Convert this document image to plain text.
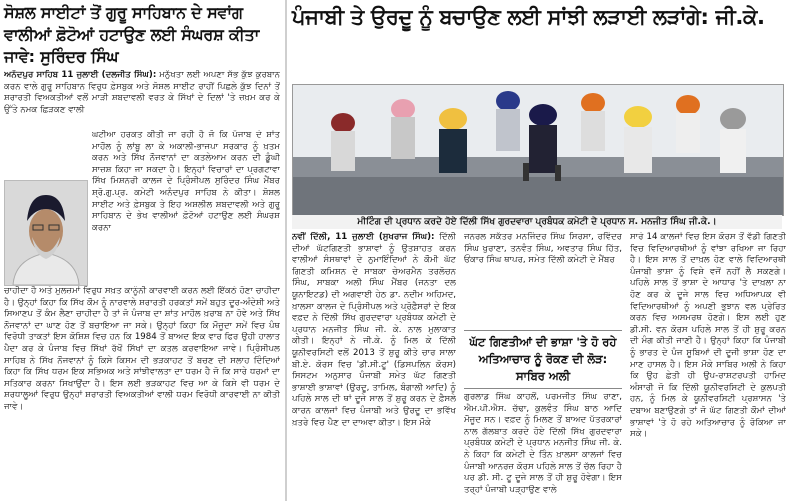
ਸੋਸ਼ਲ ਸਾਈਟਾਂ ਤੋਂ ਗੁਰੂ ਸਾਹਿਬਾਨ ਦੇ ਸਵਾਂਗ ਵਾਲੀਆਂ ਫ਼ੋਟੋਆਂ ਹਟਾਉਣ ਲਈ ਸੰਘਰਸ਼ ਕੀਤਾ ਜਾਵੇ: ਸੁਰਿੰਦਰ ਸਿੰਘ

ਅਨੰਦਪੁਰ ਸਾਹਿਬ 11 ਜੁਲਾਈ (ਦਲਜੀਤ ਸਿੰਘ): ਮਨੁੱਖਤਾ ਲਈ ਅਪਣਾ ਸੱਭ ਕੁੱਝ ਕੁਰਬਾਨ ਕਰਨ ਵਾਲੇ ਗੁਰੂ ਸਾਹਿਬਾਨ ਵਿਰੁਧ ਫ਼ੇਸਬੁਕ ਅਤੇ ਸੋਸ਼ਲ ਸਾਈਟ ਰਾਹੀਂ ਪਿਛਲੇ ਕੁੱਝ ਦਿਨਾਂ ਤੋਂ ਸ਼ਰਾਰਤੀ ਵਿਅਕਤੀਆਂ ਵਲੋਂ ਮਾੜੀ ਸ਼ਬਦਾਵਲੀ ਵਰਤ ਕੇ ਸਿੱਖਾਂ ਦੇ ਦਿਲਾਂ 'ਤੇ ਜ਼ਖ਼ਮ ਕਰ ਕੇ ਉੱਤੇ ਨਮਕ ਛਿੜਕਣ ਵਾਲੀ

ਘਟੀਆ ਹਰਕਤ ਕੀਤੀ ਜਾ ਰਹੀ ਹੈ ਜੋ ਕਿ ਪੰਜਾਬ ਦੇ ਸ਼ਾਂਤ ਮਾਹੌਲ ਨੂੰ ਲਾਂਬੂ ਲਾ ਕੇ ਅਕਾਲੀ-ਭਾਜਪਾ ਸਰਕਾਰ ਨੂੰ ਖ਼ਤਮ ਕਰਨ ਅਤੇ ਸਿੱਖ ਨੌਜਵਾਨਾਂ ਦਾ ਕਤਲੇਆਮ ਕਰਨ ਦੀ ਡੂੰਘੀ ਸਾਜ਼ਸ਼ ਕਿਹਾ ਜਾ ਸਕਦਾ ਹੈ। ਇਨ੍ਹਾਂ ਵਿਚਾਰਾਂ ਦਾ ਪ੍ਰਗਟਾਵਾ ਸਿੱਖ ਮਿਸ਼ਨਰੀ ਕਾਲਜ ਦੇ ਪ੍ਰਿੰਸੀਪਲ ਸੁਰਿੰਦਰ ਸਿੰਘ ਮੈਂਬਰ ਸ਼੍ਰੋ.ਗੁ.ਪ੍ਰ. ਕਮੇਟੀ ਅਨੰਦਪੁਰ ਸਾਹਿਬ ਨੇ ਕੀਤਾ। ਸ਼ੋਸ਼ਲ ਸਾਈਟ ਅਤੇ ਫ਼ੇਸਬੁਕ ਤੇ ਇਹ ਅਸ਼ਲੀਲ ਸ਼ਬਦਾਵਲੀ ਅਤੇ ਗੁਰੂ ਸਾਹਿਬਾਨ ਦੇ ਭੇਖ ਵਾਲੀਆਂ ਫ਼ੋਟੋਆਂ ਹਟਾਉਣ ਲਈ ਸੰਘਰਸ਼ ਕਰਨਾ

ਚਾਹੀਦਾ ਹੈ ਅਤੇ ਮੁਲਜ਼ਮਾਂ ਵਿਰੁਧ ਸਖ਼ਤ ਕਾਨੂੰਨੀ ਕਾਰਵਾਈ ਕਰਨ ਲਈ ਇੱਕਠੇ ਹੋਣਾ ਚਾਹੀਦਾ ਹੈ। ਉਨ੍ਹਾਂ ਕਿਹਾ ਕਿ ਸਿੱਖ ਕੌਮ ਨੂੰ ਨਾਰਵਾਲੇ ਸ਼ਰਾਰਤੀ ਹਰਕਤਾਂ ਸਮੇਂ ਬਹੁਤ ਦੂਰ-ਅੰਦੇਸ਼ੀ ਅਤੇ ਸਿਆਣਪ ਤੋਂ ਕੰਮ ਲੈਣਾ ਚਾਹੀਦਾ ਹੈ ਤਾਂ ਜੋ ਪੰਜਾਬ ਦਾ ਸ਼ਾਂਤ ਮਾਹੌਲ ਖ਼ਰਾਬ ਨਾ ਹੋਵੇ ਅਤੇ ਸਿੱਖ ਨੌਜਵਾਨਾਂ ਦਾ ਘਾਣ ਹੋਣ ਤੋਂ ਬਚਾਇਆ ਜਾ ਸਕੇ। ਉਨ੍ਹਾਂ ਕਿਹਾ ਕਿ ਮੌਜੂਦਾ ਸਮੇਂ ਵਿਚ ਪੰਥ ਵਿਰੋਧੀ ਤਾਕਤਾਂ ਇਸ ਕੋਸ਼ਿਸ਼ ਵਿਚ ਹਨ ਕਿ 1984 ਤੋਂ ਬਾਅਦ ਇਕ ਵਾਰ ਫਿਰ ਉਹੀ ਹਾਲਾਤ ਪੈਦਾ ਕਰ ਕੇ ਪੰਜਾਬ ਵਿਚ ਸਿੱਖਾਂ ਰੱਖੋਂ ਸਿੱਖਾਂ ਦਾ ਕਤਲ ਕਰਵਾਇਆ ਜਾਵੇ। ਪ੍ਰਿੰਸੀਪਲ ਸਾਹਿਬ ਨੇ ਸਿੱਖ ਨੌਜਵਾਨਾਂ ਨੂੰ ਕਿਸੇ ਕਿਸਮ ਦੀ ਭੜਕਾਹਟ ਤੋਂ ਬਚਣ ਦੀ ਸਲਾਹ ਦਿੰਦਿਆਂ ਕਿਹਾ ਕਿ ਸਿੱਖ ਧਰਮ ਇਕ ਸਭਿਅਕ ਅਤੇ ਸਾਂਝੀਵਾਲਤਾ ਦਾ ਧਰਮ ਹੈ ਜੋ ਕਿ ਸਾਰੇ ਧਰਮਾਂ ਦਾ ਸਤਿਕਾਰ ਕਰਨਾ ਸਿਖਾਉਂਦਾ ਹੈ। ਇਸ ਲਈ ਭੜਕਾਹਟ ਵਿਚ ਆ ਕੇ ਕਿਸੇ ਵੀ ਧਰਮ ਦੇ ਸ਼ਰਧਾਲੂਆਂ ਵਿਰੁਧ ਉਨ੍ਹਾਂ ਸ਼ਰਾਰਤੀ ਵਿਅਕਤੀਆਂ ਵਾਲੀ ਧਰਮ ਵਿਰੋਧੀ ਕਾਰਵਾਈ ਨਾ ਕੀਤੀ ਜਾਵੇ।

ਪੰਜਾਬੀ ਤੇ ਉਰਦੂ ਨੂੰ ਬਚਾਉਣ ਲਈ ਸਾਂਝੀ ਲੜਾਈ ਲੜਾਂਗੇ: ਜੀ.ਕੇ.

ਮੀਟਿੰਗ ਦੀ ਪ੍ਰਧਾਨ ਕਰਦੇ ਹੋਏ ਦਿੱਲੀ ਸਿੱਖ ਗੁਰਦਵਾਰਾ ਪ੍ਰਬੰਧਕ ਕਮੇਟੀ ਦੇ ਪ੍ਰਧਾਨ ਸ. ਮਨਜੀਤ ਸਿੰਘ ਜੀ.ਕੇ.।

ਨਵੀਂ ਦਿੱਲੀ, 11 ਜੁਲਾਈ (ਸੁਖਰਾਜ ਸਿੰਘ): ਦਿੱਲੀ ਦੀਆਂ ਘੱਟਗਿਣਤੀ ਭਾਸ਼ਾਵਾਂ ਨੂੰ ਉਤਸ਼ਾਹਤ ਕਰਨ ਵਾਲੀਆਂ ਸੰਸਥਾਵਾਂ ਦੇ ਨੁਮਾਇੰਦਿਆਂ ਨੇ ਕੌਮੀ ਘੱਟ ਗਿਣਤੀ ਕਮਿਸ਼ਨ ਦੇ ਸਾਬਕਾ ਚੇਅਰਮੈਨ ਤਰਲੋਚਨ ਸਿੰਘ, ਸਾਬਕਾ ਅਲੀ ਸਿੰਘ ਮੈਂਬਰ (ਜਨਤਾ ਦਲ ਯੂਨਾਇਟਡ) ਦੀ ਅਗਵਾਈ ਹੇਠ ਡਾ. ਨਦੀਮ ਅਹਿਮਦ, ਖ਼ਾਲਸਾ ਕਾਲਜ ਦੇ ਪ੍ਰਿੰਸੀਪਲ ਅਤੇ ਪ੍ਰੋਫ਼ੈਸਰਾਂ ਦੇ ਇਕ ਵਫ਼ਦ ਨੇ ਦਿੱਲੀ ਸਿੱਖ ਗੁਰਦਵਾਰਾ ਪ੍ਰਬੰਧਕ ਕਮੇਟੀ ਦੇ ਪ੍ਰਧਾਨ ਮਨਜੀਤ ਸਿੰਘ ਜੀ. ਕੇ. ਨਾਲ ਮੁਲਾਕਾਤ ਕੀਤੀ। ਇਨ੍ਹਾਂ ਨੇ ਜੀ.ਕੇ. ਨੂੰ ਮਿਲ ਕੇ ਦਿੱਲੀ ਯੂਨੀਵਰਸਿਟੀ ਵਲੋਂ 2013 ਤੋਂ ਸ਼ੁਰੂ ਕੀਤੇ ਚਾਰ ਸਾਲਾ ਬੀ.ਏ. ਕੋਰਸ ਵਿਚ 'ਡੀ.ਸੀ.ਟੂ' (ਡਿਸਪਲਿਨ ਕੋਰਸ) ਸਿਸਟਮ ਅਨੁਸਾਰ ਪੰਜਾਬੀ ਸਮੇਤ ਘੱਟ ਗਿਣਤੀ ਭਾਸ਼ਾਈ ਭਾਸ਼ਾਵਾਂ (ਉਰਦੂ, ਤਾਮਿਲ, ਬੰਗਾਲੀ ਆਦਿ) ਨੂੰ ਪਹਿਲੇ ਸਾਲ ਦੀ ਥਾਂ ਦੂਜੇ ਸਾਲ ਤੋਂ ਸ਼ੁਰੂ ਕਰਨ ਦੇ ਫ਼ੈਸਲੇ ਕਾਰਨ ਕਾਲਜਾਂ ਵਿਚ ਪੰਜਾਬੀ ਅਤੇ ਉਰਦੂ ਦਾ ਭਵਿੱਖ ਖ਼ਤਰੇ ਵਿਚ ਪੈਣ ਦਾ ਦਾਅਵਾ ਕੀਤਾ। ਇਸ ਮੌਕੇ

ਜਨਰਲ ਸਕੱਤਰ ਮਨਜਿੰਦਰ ਸਿੰਘ ਸਿਰਸਾ, ਰਵਿੰਦਰ ਸਿੰਘ ਖੁਰਾਣਾ, ਤਨਵੰਤ ਸਿੰਘ, ਅਵਤਾਰ ਸਿੰਘ ਹਿੱਤ, ਓਂਕਾਰ ਸਿੰਘ ਥਾਪਰ, ਸਮੇਤ ਦਿੱਲੀ ਕਮੇਟੀ ਦੇ ਮੈਂਬਰ

ਘੱਟ ਗਿਣਤੀਆਂ ਦੀ ਭਾਸ਼ਾ 'ਤੇ ਹੋ ਰਹੇ ਅਤਿਆਚਾਰ ਨੂੰ ਰੋਕਣ ਦੀ ਲੋੜ: ਸਾਬਿਰ ਅਲੀ

ਗੁਰਲਾਡ ਸਿੰਘ ਕਾਹਲੋਂ, ਪਰਮਜੀਤ ਸਿੰਘ ਰਾਣਾ, ਐਮ.ਪੀ.ਐਸ. ਚੱਢਾ, ਕੁਲਵੰਤ ਸਿੰਘ ਬਾਠ ਆਦਿ ਮੌਜੂਦ ਸਨ। ਵਫ਼ਦ ਨੂੰ ਮਿਲਣ ਤੋਂ ਬਾਅਦ ਪੱਤਰਕਾਰਾਂ ਨਾਲ ਗੱਲਬਾਤ ਕਰਦੇ ਹੋਏ ਦਿੱਲੀ ਸਿੱਖ ਗੁਰਦਵਾਰਾ ਪ੍ਰਬੰਧਕ ਕਮੇਟੀ ਦੇ ਪ੍ਰਧਾਨ ਮਨਜੀਤ ਸਿੰਘ ਜੀ. ਕੇ. ਨੇ ਕਿਹਾ ਕਿ ਕਮੇਟੀ ਦੇ ਤਿੰਨ ਖ਼ਾਲਸਾ ਕਾਲਜਾਂ ਵਿਚ ਪੰਜਾਬੀ ਆਨਰਜ਼ ਕੋਰਸ ਪਹਿਲੇ ਸਾਲ ਤੋਂ ਚੱਲ ਰਿਹਾ ਹੈ ਪਰ ਡੀ. ਸੀ. ਟੂ ਦੂਜੇ ਸਾਲ ਤੋਂ ਹੀ ਸ਼ੁਰੂ ਹੋਵੇਗਾ। ਇਸ ਤਰ੍ਹਾਂ ਪੰਜਾਬੀ ਪੜ੍ਹਾਉਣ ਵਾਲੇ

ਸਾਰੇ 14 ਕਾਲਜਾਂ ਵਿਚ ਇਸ ਕੋਰਸ ਤੋਂ ਵੱਡੀ ਗਿਣਤੀ ਵਿਚ ਵਿਦਿਆਰਥੀਆਂ ਨੂੰ ਵਾਂਝਾ ਰਖਿਆ ਜਾ ਰਿਹਾ ਹੈ। ਇਸ ਸਾਲ ਤੋਂ ਦਾਖ਼ਲ ਹੋਣ ਵਾਲੇ ਵਿਦਿਆਰਥੀ ਪੰਜਾਬੀ ਭਾਸ਼ਾ ਨੂੰ ਵਿਸ਼ੇ ਵਜੋਂ ਨਹੀਂ ਲੈ ਸਕਣਗੇ। ਪਹਿਲੇ ਸਾਲ ਤੋਂ ਭਾਸ਼ਾ ਦੇ ਆਧਾਰ 'ਤੇ ਦਾਖ਼ਲਾ ਨਾ ਹੋਣ ਕਰ ਕੇ ਦੂਜੇ ਸਾਲ ਵਿਚ ਅਧਿਆਪਕ ਵੀ ਵਿਦਿਆਰਥੀਆਂ ਨੂੰ ਅਪਣੀ ਭੁਝਾਨ ਵਲ ਪ੍ਰੇਰਿਤ ਕਰਨ ਵਿਚ ਅਸਮਰਥ ਹੋਣਗੇ। ਇਸ ਲਈ ਹੁਣ ਡੀ.ਸੀ. ਵਨ ਕੋਰਸ ਪਹਿਲੇ ਸਾਲ ਤੋਂ ਹੀ ਸ਼ੁਰੂ ਕਰਨ ਦੀ ਮੰਗ ਕੀਤੀ ਜਾਣੀ ਹੈ। ਉਨ੍ਹਾਂ ਕਿਹਾ ਕਿ ਪੰਜਾਬੀ ਨੂੰ ਭਾਰਤ ਦੇ ਪੰਜ ਸੂਬਿਆਂ ਦੀ ਦੂਜੀ ਭਾਸ਼ਾ ਹੋਣ ਦਾ ਮਾਣ ਹਾਸਲ ਹੈ। ਇਸ ਮੌਕੇ ਸਾਬਿਰ ਅਲੀ ਨੇ ਕਿਹਾ ਕਿ ਉਹ ਛੇਤੀ ਹੀ ਉਪ-ਰਾਸ਼ਟਰਪਤੀ ਹਾਮਿਦ ਅੰਸਾਰੀ ਜੋ ਕਿ ਦਿੱਲੀ ਯੂਨੀਵਰਸਿਟੀ ਦੇ ਕੁਲਪਤੀ ਹਨ, ਨੂੰ ਮਿਲ ਕੇ ਯੂਨੀਵਰਸਿਟੀ ਪ੍ਰਸ਼ਾਸਨ 'ਤੇ ਦਬਾਅ ਬਣਾਉਣਗੇ ਤਾਂ ਜੋ ਘੱਟ ਗਿਣਤੀ ਕੌਮਾਂ ਦੀਆਂ ਭਾਸ਼ਾਵਾਂ 'ਤੇ ਹੋ ਰਹੇ ਅਤਿਆਚਾਰ ਨੂੰ ਰੋਕਿਆ ਜਾ ਸਕੇ।
